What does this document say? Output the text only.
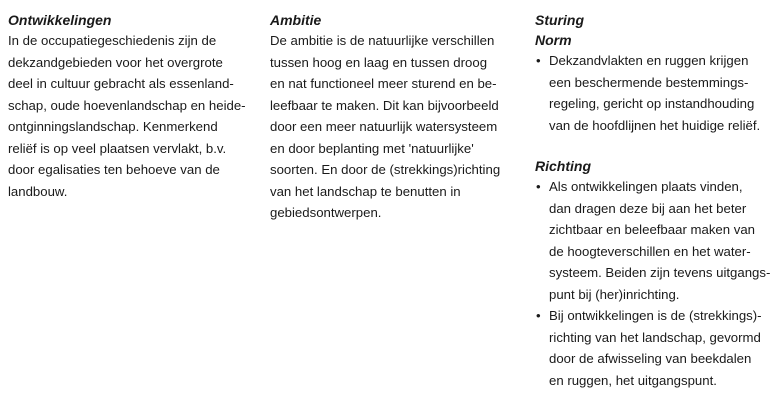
Ontwikkelingen

In de occupatiegeschiedenis zijn de

dekzandgebieden voor het overgrote

deel in cultuur gebracht als essenland-

schap, oude hoevenlandschap en heide-

ontginningslandschap. Kenmerkend

reliëf is op veel plaatsen vervlakt, b.v.

door egalisaties ten behoeve van de

landbouw.

Ambitie

De ambitie is de natuurlijke verschillen

tussen hoog en laag en tussen droog

en nat functioneel meer sturend en be-

leefbaar te maken. Dit kan bijvoorbeeld

door een meer natuurlijk watersysteem

en door beplanting met 'natuurlijke'

soorten. En door de (strekkings)richting

van het landschap te benutten in

gebiedsontwerpen.

Sturing
Norm
• Dekzandvlakten en ruggen krijgen

een beschermende bestemmings-

regeling, gericht op instandhouding

van de hoofdlijnen het huidige reliëf.

Richting
• Als ontwikkelingen plaats vinden,

dan dragen deze bij aan het beter

zichtbaar en beleefbaar maken van

de hoogteverschillen en het water-

systeem. Beiden zijn tevens uitgangs-

punt bij (her)inrichting.

• Bij ontwikkelingen is de (strekkings)-

richting van het landschap, gevormd

door de afwisseling van beekdalen

en ruggen, het uitgangspunt.
